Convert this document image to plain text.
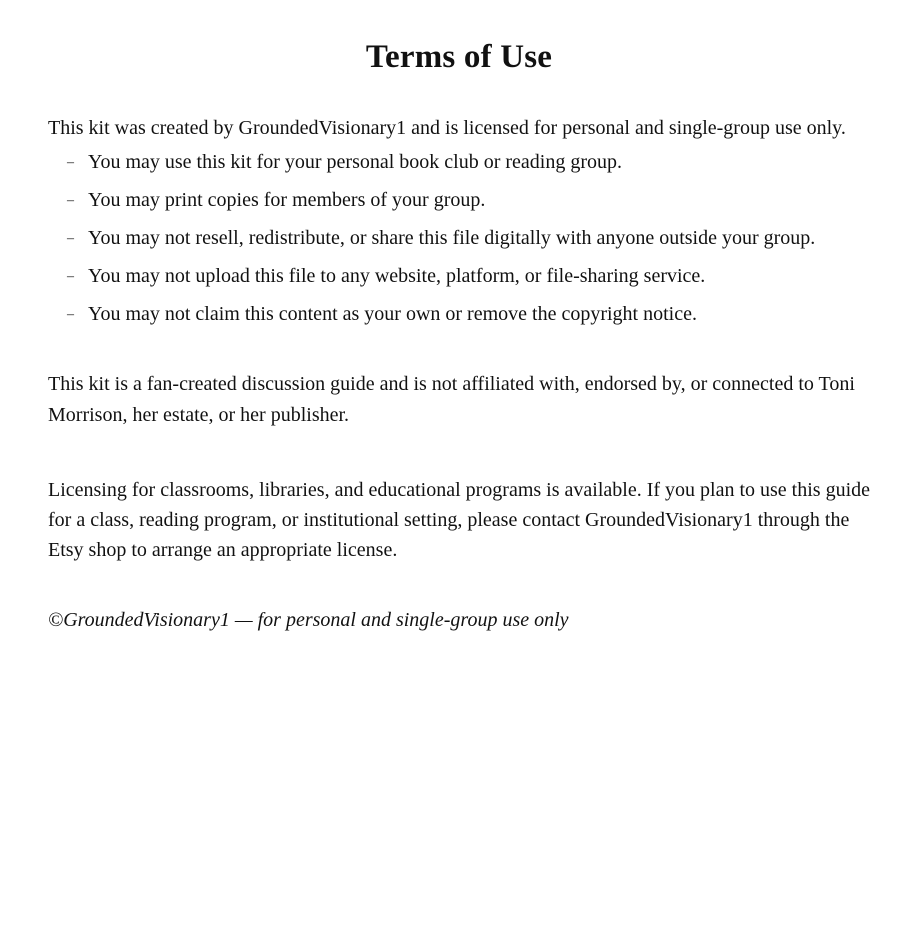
Terms of Use

This kit was created by GroundedVisionary1 and is licensed for personal and single-group use only.

– You may use this kit for your personal book club or reading group.
– You may print copies for members of your group.
– You may not resell, redistribute, or share this file digitally with anyone outside your group.
– You may not upload this file to any website, platform, or file-sharing service.
– You may not claim this content as your own or remove the copyright notice.

This kit is a fan-created discussion guide and is not affiliated with, endorsed by, or connected to Toni Morrison, her estate, or her publisher.

Licensing for classrooms, libraries, and educational programs is available. If you plan to use this guide for a class, reading program, or institutional setting, please contact GroundedVisionary1 through the Etsy shop to arrange an appropriate license.

©GroundedVisionary1 — for personal and single-group use only
